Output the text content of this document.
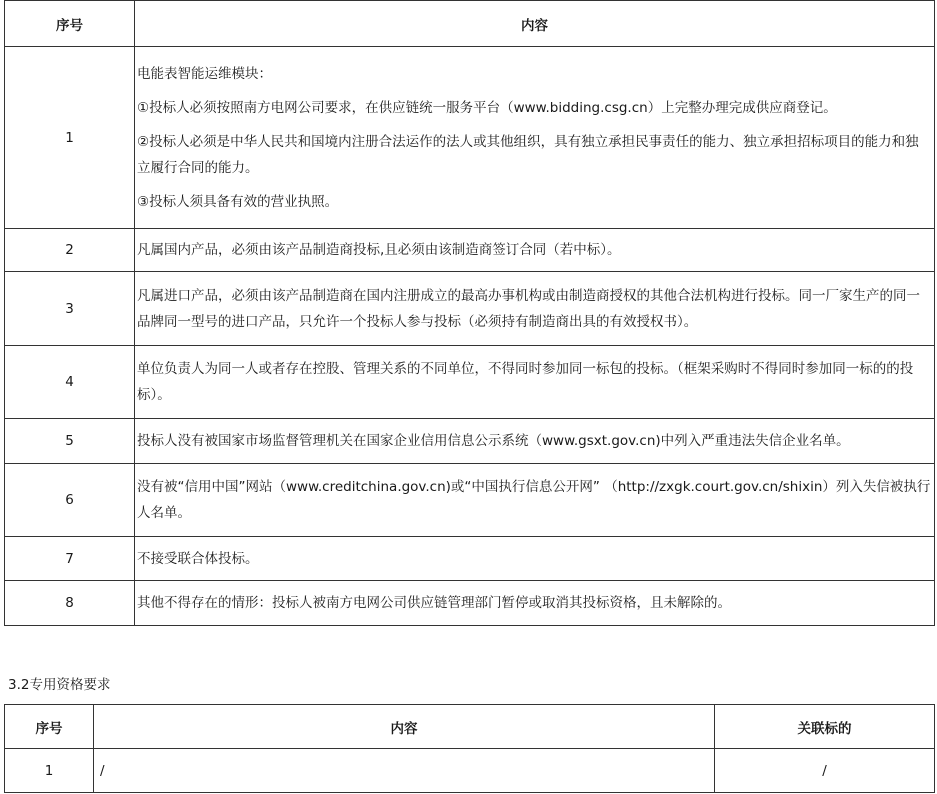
序号	内容
1	电能表智能运维模块：

①投标人必须按照南方电网公司要求，在供应链统一服务平台（www.bidding.csg.cn）上完整办理完成供应商登记。

②投标人必须是中华人民共和国境内注册合法运作的法人或其他组织，具有独立承担民事责任的能力、独立承担招标项目的能力和独立履行合同的能力。

③投标人须具备有效的营业执照。

2	凡属国内产品，必须由该产品制造商投标,且必须由该制造商签订合同（若中标）。
3	凡属进口产品，必须由该产品制造商在国内注册成立的最高办事机构或由制造商授权的其他合法机构进行投标。同一厂家生产的同一品牌同一型号的进口产品，只允许一个投标人参与投标（必须持有制造商出具的有效授权书）。
4	单位负责人为同一人或者存在控股、管理关系的不同单位，不得同时参加同一标包的投标。（框架采购时不得同时参加同一标的的投标）。
5	投标人没有被国家市场监督管理机关在国家企业信用信息公示系统（www.gsxt.gov.cn)中列入严重违法失信企业名单。
6	没有被“信用中国”网站（www.creditchina.gov.cn)或“中国执行信息公开网” （http://zxgk.court.gov.cn/shixin）列入失信被执行人名单。
7	不接受联合体投标。
8	其他不得存在的情形：投标人被南方电网公司供应链管理部门暂停或取消其投标资格，且未解除的。
3.2专用资格要求
序号	内容	关联标的
1	/	/
